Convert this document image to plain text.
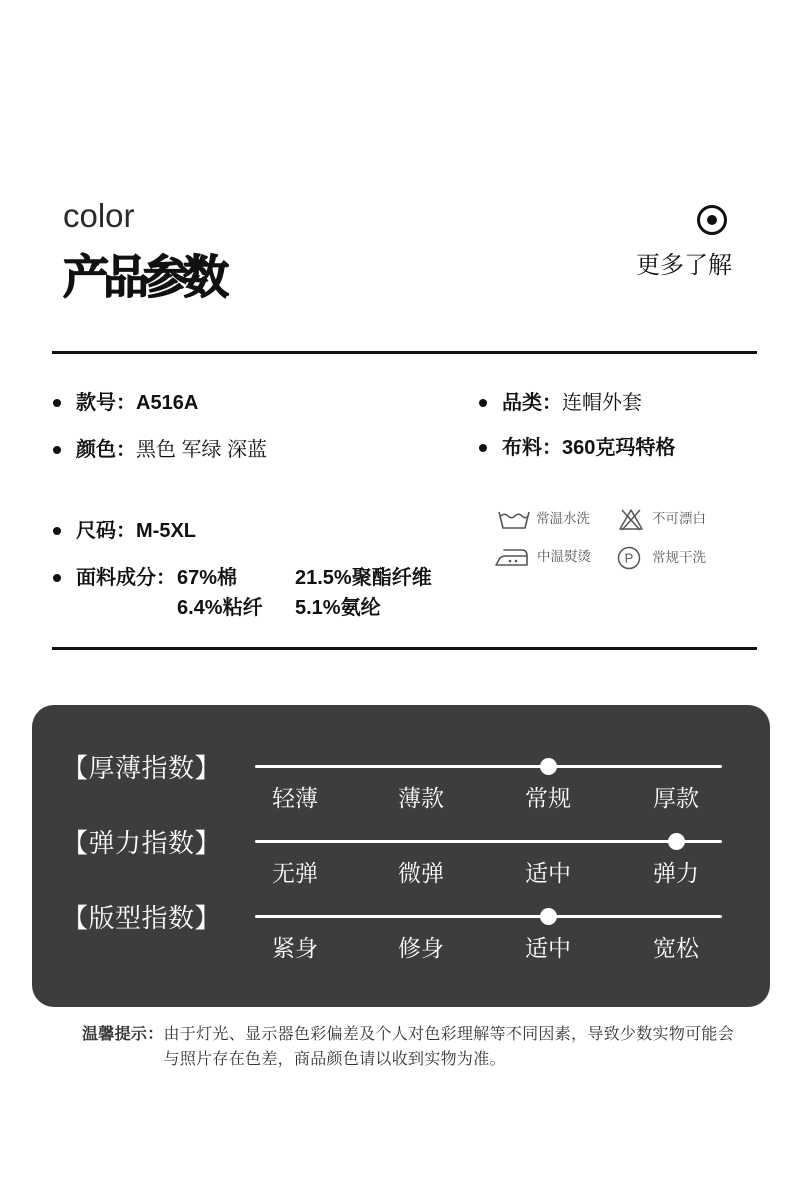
color
产品参数	更多了解
款号： A516A
颜色： 黑色 军绿 深蓝
尺码： M-5XL
面料成分： 67%棉	21.5%聚酯纤维
6.4%粘纤	5.1%氨纶
品类： 连帽外套
布料： 360克玛特格
常温水洗	不可漂白
中温熨烫	P 常规干洗
【厚薄指数】
轻薄	薄款	常规	厚款
【弹力指数】
无弹	微弹	适中	弹力
【版型指数】
紧身	修身	适中	宽松
温馨提示： 由于灯光、显示器色彩偏差及个人对色彩理解等不同因素，导致少数实物可能会
与照片存在色差，商品颜色请以收到实物为准。
